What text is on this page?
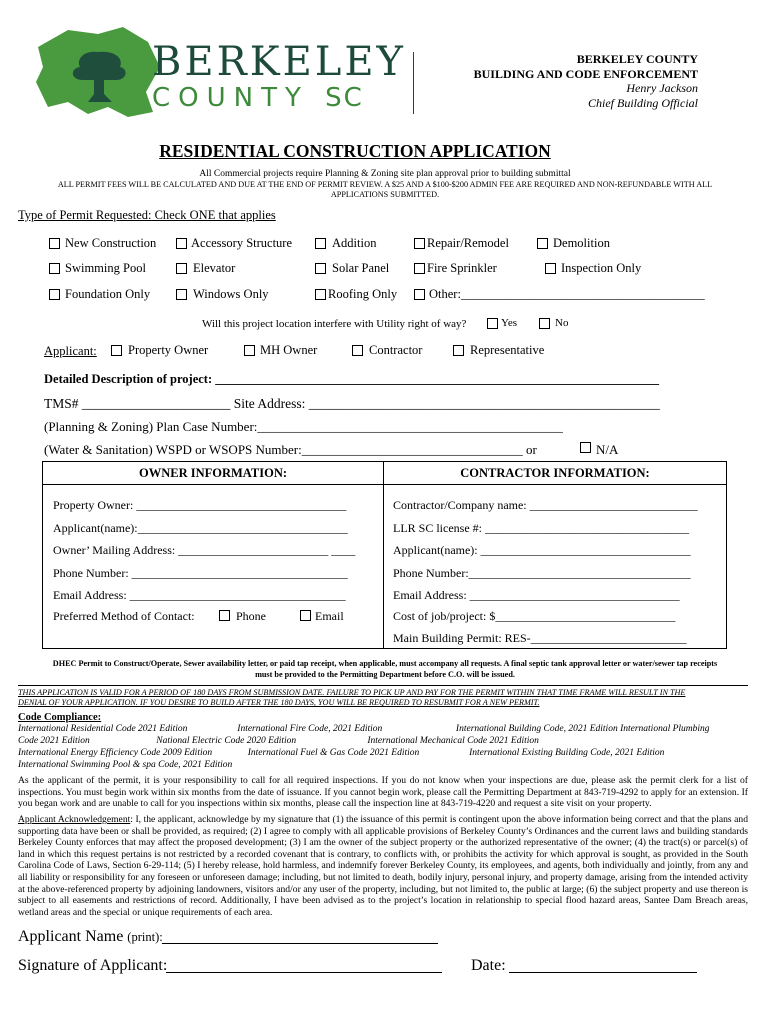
BERKELEY
COUNTY SC
BERKELEY COUNTY
BUILDING AND CODE ENFORCEMENT
Henry Jackson
Chief Building Official
RESIDENTIAL CONSTRUCTION APPLICATION
All Commercial projects require Planning & Zoning site plan approval prior to building submittal
ALL PERMIT FEES WILL BE CALCULATED AND DUE AT THE END OF PERMIT REVIEW. A $25 AND A $100-$200 ADMIN FEE ARE REQUIRED AND NON-REFUNDABLE WITH ALL
APPLICATIONS SUBMITTED.
Type of Permit Requested: Check ONE that applies
New Construction	Accessory Structure	Addition	Repair/Remodel	Demolition
Swimming Pool	Elevator	Solar Panel	Fire Sprinkler	Inspection Only
Foundation Only	Windows Only	Roofing Only	Other:_______________________________________
Will this project location interfere with Utility right of way?	Yes	No
Applicant: Property Owner	MH Owner	Contractor	Representative
Detailed Description of project: _______________________________________________________________________
TMS# ______________________ Site Address: ____________________________________________________
(Planning & Zoning) Plan Case Number:_______________________________________________
(Water & Sanitation) WSPD or WSOPS Number:__________________________________ or	N/A
OWNER INFORMATION:	CONTRACTOR INFORMATION:
Property Owner: ___________________________________
Applicant(name):___________________________________
Owner’ Mailing Address: _________________________ ____
Phone Number: ____________________________________
Email Address: ____________________________________
Preferred Method of Contact:	Phone	Email
Contractor/Company name: ____________________________
LLR SC license #: __________________________________
Applicant(name): ___________________________________
Phone Number:_____________________________________
Email Address: ___________________________________
Cost of job/project: $______________________________
Main Building Permit: RES-__________________________
DHEC Permit to Construct/Operate, Sewer availability letter, or paid tap receipt, when applicable, must accompany all requests. A final septic tank approval letter or water/sewer tap receipts
must be provided to the Permitting Department before C.O. will be issued.
THIS APPLICATION IS VALID FOR A PERIOD OF 180 DAYS FROM SUBMISSION DATE. FAILURE TO PICK UP AND PAY FOR THE PERMIT WITHIN THAT TIME FRAME WILL RESULT IN THE
DENIAL OF YOUR APPLICATION. IF YOU DESIRE TO BUILD AFTER THE 180 DAYS, YOU WILL BE REQUIRED TO RESUBMIT FOR A NEW PERMIT.
Code Compliance:
International Residential Code 2021 Edition                     International Fire Code, 2021 Edition                               International Building Code, 2021 Edition International Plumbing
Code 2021 Edition                            National Electric Code 2020 Edition                              International Mechanical Code 2021 Edition
International Energy Efficiency Code 2009 Edition               International Fuel & Gas Code 2021 Edition                     International Existing Building Code, 2021 Edition
International Swimming Pool & spa Code, 2021 Edition
As the applicant of the permit, it is your responsibility to call for all required inspections. If you do not know when your inspections are due, please ask the permit clerk for a list of inspections. You must begin work within six months from the date of issuance. If you cannot begin work, please call the Permitting Department at 843-719-4292 to apply for an extension. If you began work and are unable to call for you inspections within six months, please call the inspection line at 843-719-4220 and request a site visit on your property.
Applicant Acknowledgement: I, the applicant, acknowledge by my signature that (1) the issuance of this permit is contingent upon the above information being correct and that the plans and supporting data have been or shall be provided, as required; (2) I agree to comply with all applicable provisions of Berkeley County’s Ordinances and the current laws and building standards Berkeley County enforces that may affect the proposed development; (3) I am the owner of the subject property or the authorized representative of the owner; (4) the tract(s) or parcel(s) of land in which this request pertains is not restricted by a recorded covenant that is contrary, to conflicts with, or prohibits the activity for which approval is sought, as provided in the South Carolina Code of Laws, Section 6-29-114; (5) I hereby release, hold harmless, and indemnify forever Berkeley County, its employees, and agents, both individually and jointly, from any and all liability or responsibility for any foreseen or unforeseen damage; including, but not limited to death, bodily injury, personal injury, and property damage, arising from the intended activity at the above-referenced property by adjoining landowners, visitors and/or any user of the property, including, but not limited to, the public at large; (6) the subject property and use thereon is subject to all easements and restrictions of record. Additionally, I have been advised as to the project’s location in relationship to special flood hazard areas, Santee Dam Breach areas, wetland areas and the special or unique requirements of each area.
Applicant Name (print):
Signature of Applicant:	Date:
